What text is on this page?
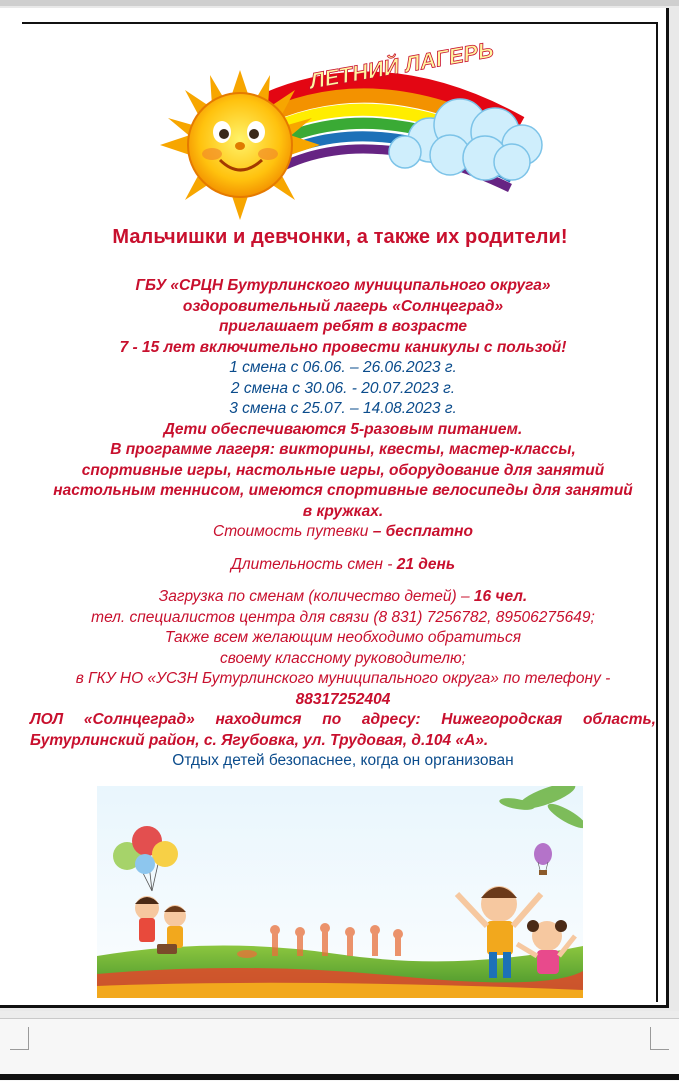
ЛЕТНИЙ ЛАГЕРЬ
Мальчишки и девчонки, а также их родители!
ГБУ «СРЦН Бутурлинского муниципального округа»
оздоровительный лагерь «Солнцеград»
приглашает ребят в возрасте
7 - 15 лет включительно провести каникулы с пользой!
1 смена с 06.06. – 26.06.2023 г.
2 смена с 30.06. - 20.07.2023 г.
3 смена с 25.07. – 14.08.2023 г.
Дети обеспечиваются 5-разовым питанием.
В программе лагеря: викторины, квесты, мастер-классы,
спортивные игры, настольные игры, оборудование для занятий
настольным теннисом, имеются спортивные велосипеды для занятий
в кружках.
Стоимость путевки – бесплатно
Длительность смен - 21 день
Загрузка по сменам (количество детей) – 16 чел.
тел. специалистов центра для связи (8 831) 7256782, 89506275649;
Также всем желающим необходимо обратиться
своему классному руководителю;
в ГКУ НО «УСЗН Бутурлинского муниципального округа» по телефону -
88317252404
ЛОЛ «Солнцеград» находится по адресу: Нижегородская область, Бутурлинский район, с. Ягубовка, ул. Трудовая, д.104 «А».
Отдых детей безопаснее, когда он организован
